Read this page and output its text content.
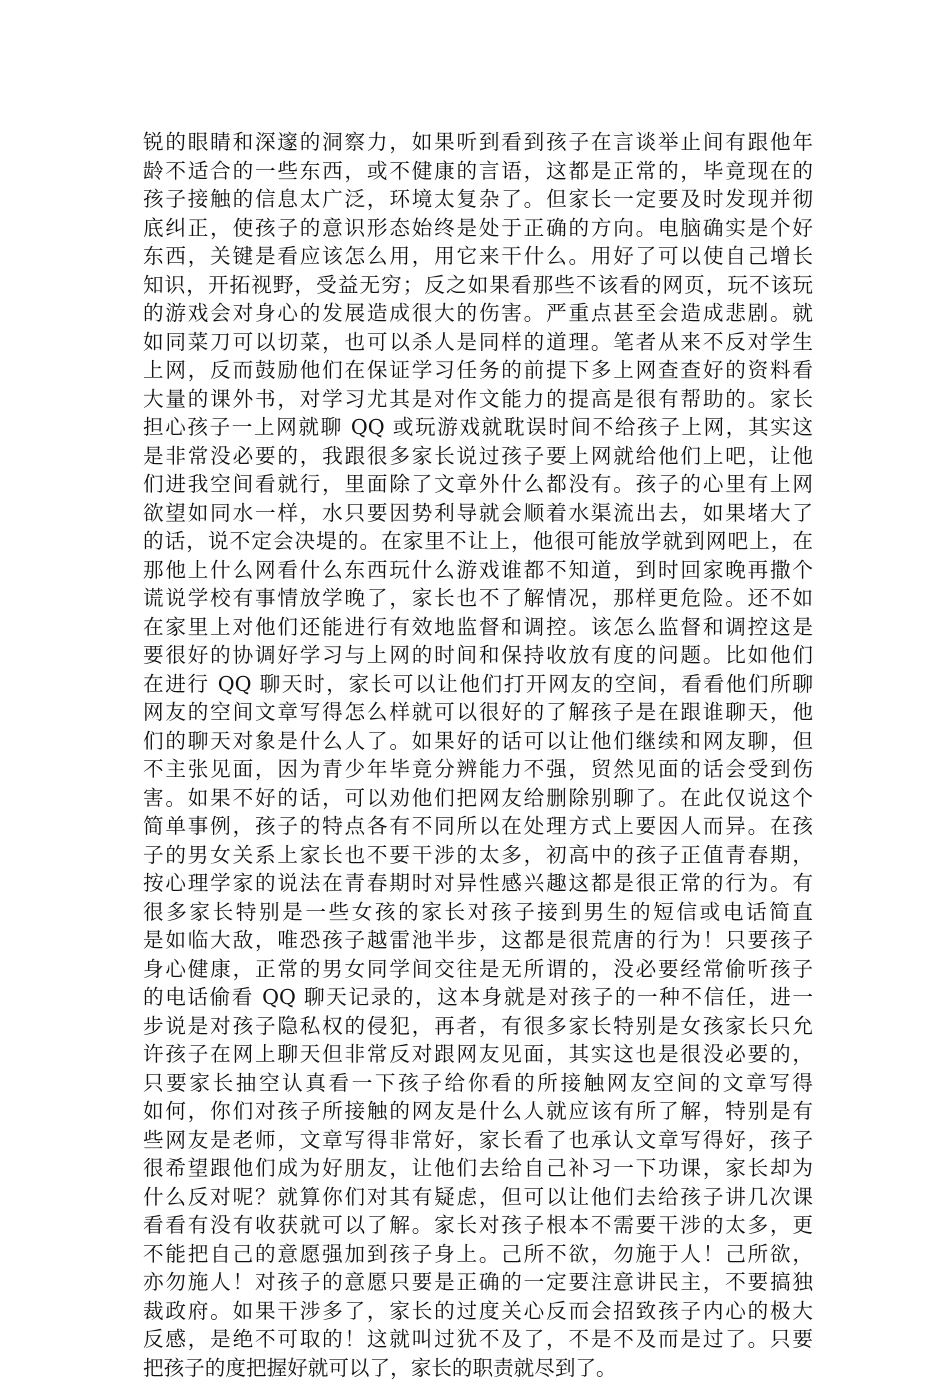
锐的眼睛和深邃的洞察力，如果听到看到孩子在言谈举止间有跟他年
龄不适合的一些东西，或不健康的言语，这都是正常的，毕竟现在的
孩子接触的信息太广泛，环境太复杂了。但家长一定要及时发现并彻
底纠正，使孩子的意识形态始终是处于正确的方向。电脑确实是个好
东西，关键是看应该怎么用，用它来干什么。用好了可以使自己增长
知识，开拓视野，受益无穷；反之如果看那些不该看的网页，玩不该玩
的游戏会对身心的发展造成很大的伤害。严重点甚至会造成悲剧。就
如同菜刀可以切菜，也可以杀人是同样的道理。笔者从来不反对学生
上网，反而鼓励他们在保证学习任务的前提下多上网查查好的资料看
大量的课外书，对学习尤其是对作文能力的提高是很有帮助的。家长
担心孩子一上网就聊 QQ 或玩游戏就耽误时间不给孩子上网，其实这
是非常没必要的，我跟很多家长说过孩子要上网就给他们上吧，让他
们进我空间看就行，里面除了文章外什么都没有。孩子的心里有上网
欲望如同水一样，水只要因势利导就会顺着水渠流出去，如果堵大了
的话，说不定会决堤的。在家里不让上，他很可能放学就到网吧上，在
那他上什么网看什么东西玩什么游戏谁都不知道，到时回家晚再撒个
谎说学校有事情放学晚了，家长也不了解情况，那样更危险。还不如
在家里上对他们还能进行有效地监督和调控。该怎么监督和调控这是
要很好的协调好学习与上网的时间和保持收放有度的问题。比如他们
在进行 QQ 聊天时，家长可以让他们打开网友的空间，看看他们所聊
网友的空间文章写得怎么样就可以很好的了解孩子是在跟谁聊天，他
们的聊天对象是什么人了。如果好的话可以让他们继续和网友聊，但
不主张见面，因为青少年毕竟分辨能力不强，贸然见面的话会受到伤
害。如果不好的话，可以劝他们把网友给删除别聊了。在此仅说这个
简单事例，孩子的特点各有不同所以在处理方式上要因人而异。在孩
子的男女关系上家长也不要干涉的太多，初高中的孩子正值青春期，
按心理学家的说法在青春期时对异性感兴趣这都是很正常的行为。有
很多家长特别是一些女孩的家长对孩子接到男生的短信或电话简直
是如临大敌，唯恐孩子越雷池半步，这都是很荒唐的行为！只要孩子
身心健康，正常的男女同学间交往是无所谓的，没必要经常偷听孩子
的电话偷看 QQ 聊天记录的，这本身就是对孩子的一种不信任，进一
步说是对孩子隐私权的侵犯，再者，有很多家长特别是女孩家长只允
许孩子在网上聊天但非常反对跟网友见面，其实这也是很没必要的，
只要家长抽空认真看一下孩子给你看的所接触网友空间的文章写得
如何，你们对孩子所接触的网友是什么人就应该有所了解，特别是有
些网友是老师，文章写得非常好，家长看了也承认文章写得好，孩子
很希望跟他们成为好朋友，让他们去给自己补习一下功课，家长却为
什么反对呢？就算你们对其有疑虑，但可以让他们去给孩子讲几次课
看看有没有收获就可以了解。家长对孩子根本不需要干涉的太多，更
不能把自己的意愿强加到孩子身上。己所不欲，勿施于人！己所欲，
亦勿施人！对孩子的意愿只要是正确的一定要注意讲民主，不要搞独
裁政府。如果干涉多了，家长的过度关心反而会招致孩子内心的极大
反感，是绝不可取的！这就叫过犹不及了，不是不及而是过了。只要
把孩子的度把握好就可以了，家长的职责就尽到了。
